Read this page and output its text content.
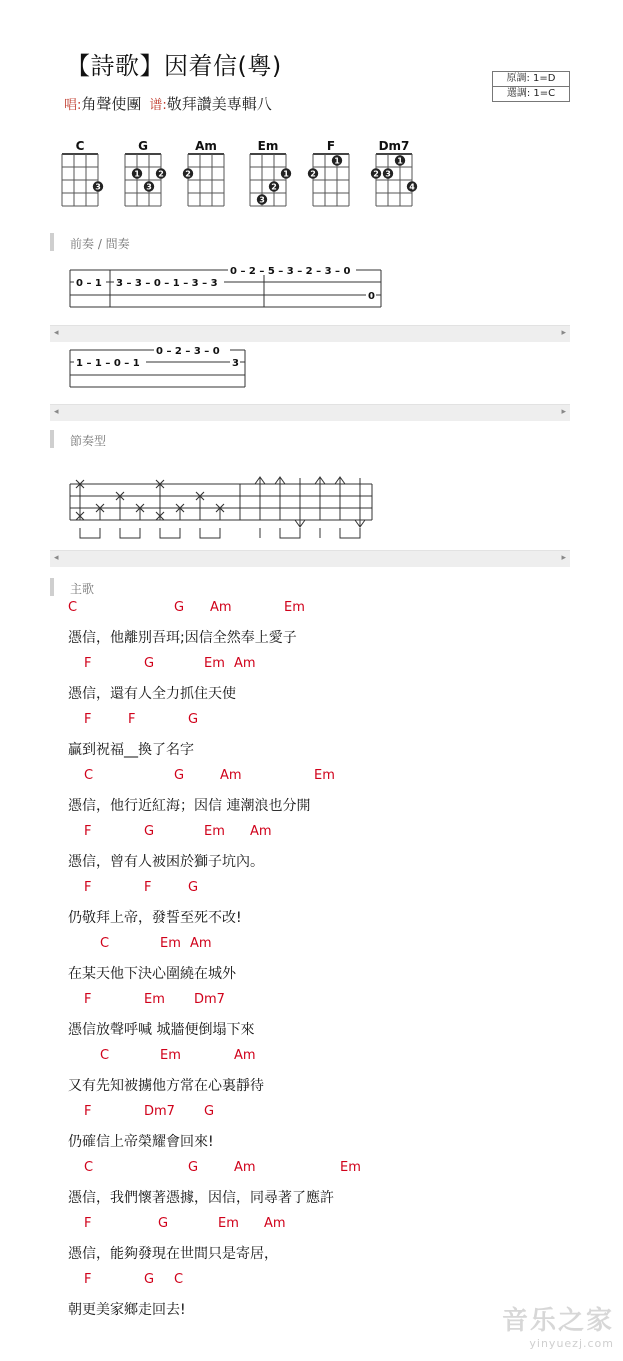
【詩歌】因着信(粵)	原調: 1=D
選調: 1=C
唱:角聲使團 谱:敬拜讚美専輯八
C
3
G
1 2
3
Am
2
Em
1
2
3
F
1
2
Dm7
1
2 3
4
前奏 / 間奏
0 – 2 – 5 – 3 – 2 – 3 – 0
0 – 1 3 – 3 – 0 – 1 – 3 – 3
0
◂	▸
0 – 2 – 3 – 0
1 – 1 – 0 – 1	3
◂	▸
節奏型
◂	▸
主歌
C	G Am	Em
憑信，他離別吾珥;因信全然奉上愛子
F	G	Em Am
憑信，還有人全力抓住天使
F	F	G
贏到祝福__換了名字
C	G	Am	Em
憑信，他行近紅海；因信 連潮浪也分開
F	G	Em Am
憑信，曾有人被困於獅子坑內。
F	F	G
仍敬拜上帝，發誓至死不改!
C	Em Am
在某天他下決心圍繞在城外
F	Em Dm7
憑信放聲呼喊 城牆便倒塌下來
C	Em	Am
又有先知被擄他方常在心裏靜待
F	Dm7 G
仍確信上帝榮耀會回來!
C	G	Am	Em
憑信，我們懷著憑據，因信，同尋著了應許
F	G	Em Am
憑信，能夠發現在世間只是寄居，
F	G C
朝更美家鄉走回去!	音乐之家
yinyuezj.com
